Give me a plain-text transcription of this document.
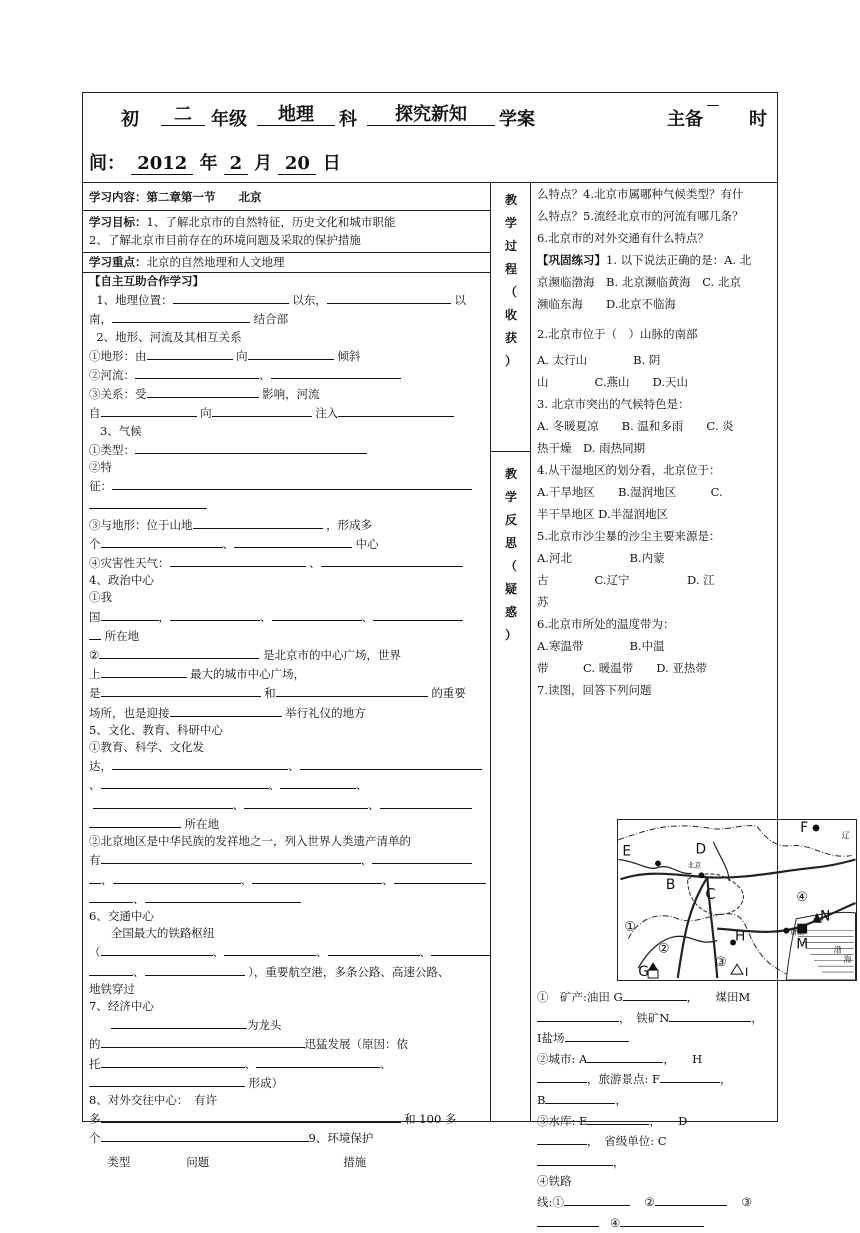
初	二	年级	地理	科	探究新知	学案	主备	时
间： 2012 年 2 月 20 日
学习内容：第二章第一节　　北京
学习目标：1、了解北京市的自然特征，历史文化和城市职能
2、了解北京市目前存在的环境问题及采取的保护措施
学习重点：北京的自然地理和人文地理
【自主互助合作学习】
1、地理位置：	以东，	以
南，	结合部
2、地形、河流及其相互关系
①地形：由	向	倾斜
②河流：	、
③关系：受	影响，河流
自	向	注入
3、气候
①类型：
②特
征：
③与地形：位于山地	，形成多
个	、	中心
④灾害性天气：	、
4、政治中心
①我
国	，	、	、
所在地
②	是北京市的中心广场，世界
上	最大的城市中心广场，
是	和	的重要
场所，也是迎接	举行礼仪的地方
5、文化、教育、科研中心
①教育、科学、文化发
达，	、
、	、	、
、	、
所在地
②北京地区是中华民族的发祥地之一，列入世界人类遗产清单的
有	、
、	、	、
、
6、交通中心
全国最大的铁路枢纽
（	、	、	、
、	），重要航空港，多条公路、高速公路、
地铁穿过
7、经济中心
为龙头
的	迅猛发展（原因：依
托	、	、
形成）
8、对外交往中心：　有许
多	和 100 多
个	9、环境保护
类型	问题	措施
教
学
过
程
（
收
获
）
教
学
反
思
（
疑
惑
）
么特点？4.北京市属哪种气候类型？有什
么特点？5.流经北京市的河流有哪几条？
6.北京市的对外交通有什么特点？
【巩固练习】1. 以下说法正确的是：A. 北
京濒临渤海　B. 北京濒临黄海　C. 北京
濒临东海　　D.北京不临海
2.北京市位于（　）山脉的南部
A. 太行山　　　　B. 阴
山　　　　C.燕山　　D.天山
3. 北京市突出的气候特色是：
A. 冬暖夏凉　　B. 温和多雨　　C. 炎
热干燥　D. 雨热同期
4.从干湿地区的划分看，北京位于：
A.干旱地区　　B.湿润地区　　　C.
半干旱地区 D.半湿润地区
5.北京市沙尘暴的沙尘主要来源是：
A.河北　　　　　B.内蒙
古　　　　C.辽宁　　　　　D. 江
苏
6.北京市所处的温度带为：
A.寒温带　　　　B.中温
带　　　C. 暖温带　　D. 亚热带
7.读图，回答下列问题
F
E	D
B
C
N
M
H
G	Ⅰ
①
②
③
④
北京
唐山
渤
海
辽
①　矿产:油田 G	，　　煤田M
，　铁矿N	，
Ⅰ盐场
②城市: A	，　　H
，旅游景点: F	，
B	，
③水库: E	，　　D
，　省级单位: C
，
④铁路
线:①	②	③
④
